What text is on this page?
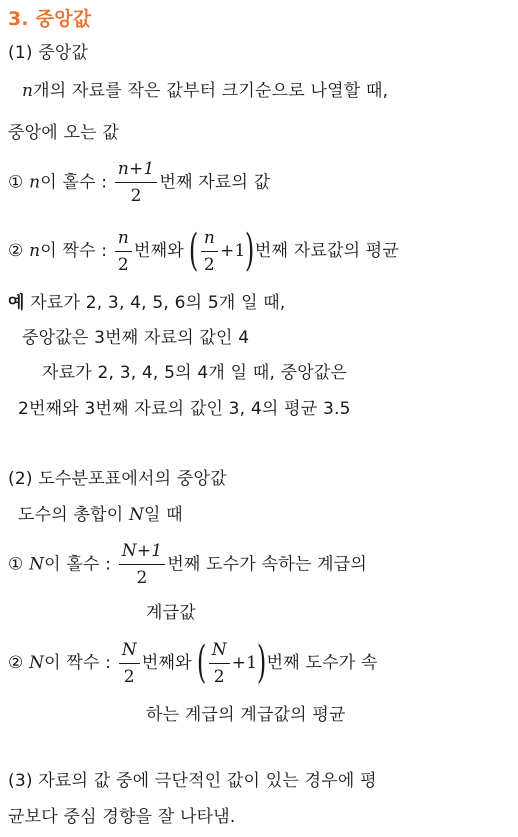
3. 중앙값
(1) 중앙값
n개의 자료를 작은 값부터 크기순으로 나열할 때,
중앙에 오는 값
① n이 홀수 : $\frac{n+1}{2}$ 번째 자료의 값
② n이 짝수 : $\frac{n}{2}$ 번째와 ( $\frac{n}{2} +1$)번째 자료값의 평균
예 자료가 2, 3, 4, 5, 6의 5개 일 때,
중앙값은 3번째 자료의 값인 4
자료가 2, 3, 4, 5의 4개 일 때, 중앙값은
2번째와 3번째 자료의 값인 3, 4의 평균 3.5
(2) 도수분포표에서의 중앙값
도수의 총합이 N일 때
① N이 홀수 : $\frac{N+1}{2}$ 번째 도수가 속하는 계급의
계급값
② N이 짝수 : $\frac{N}{2}$ 번째와 ( $\frac{N}{2} +1$)번째 도수가 속
하는 계급의 계급값의 평균
(3) 자료의 값 중에 극단적인 값이 있는 경우에 평
균보다 중심 경향을 잘 나타냄.
